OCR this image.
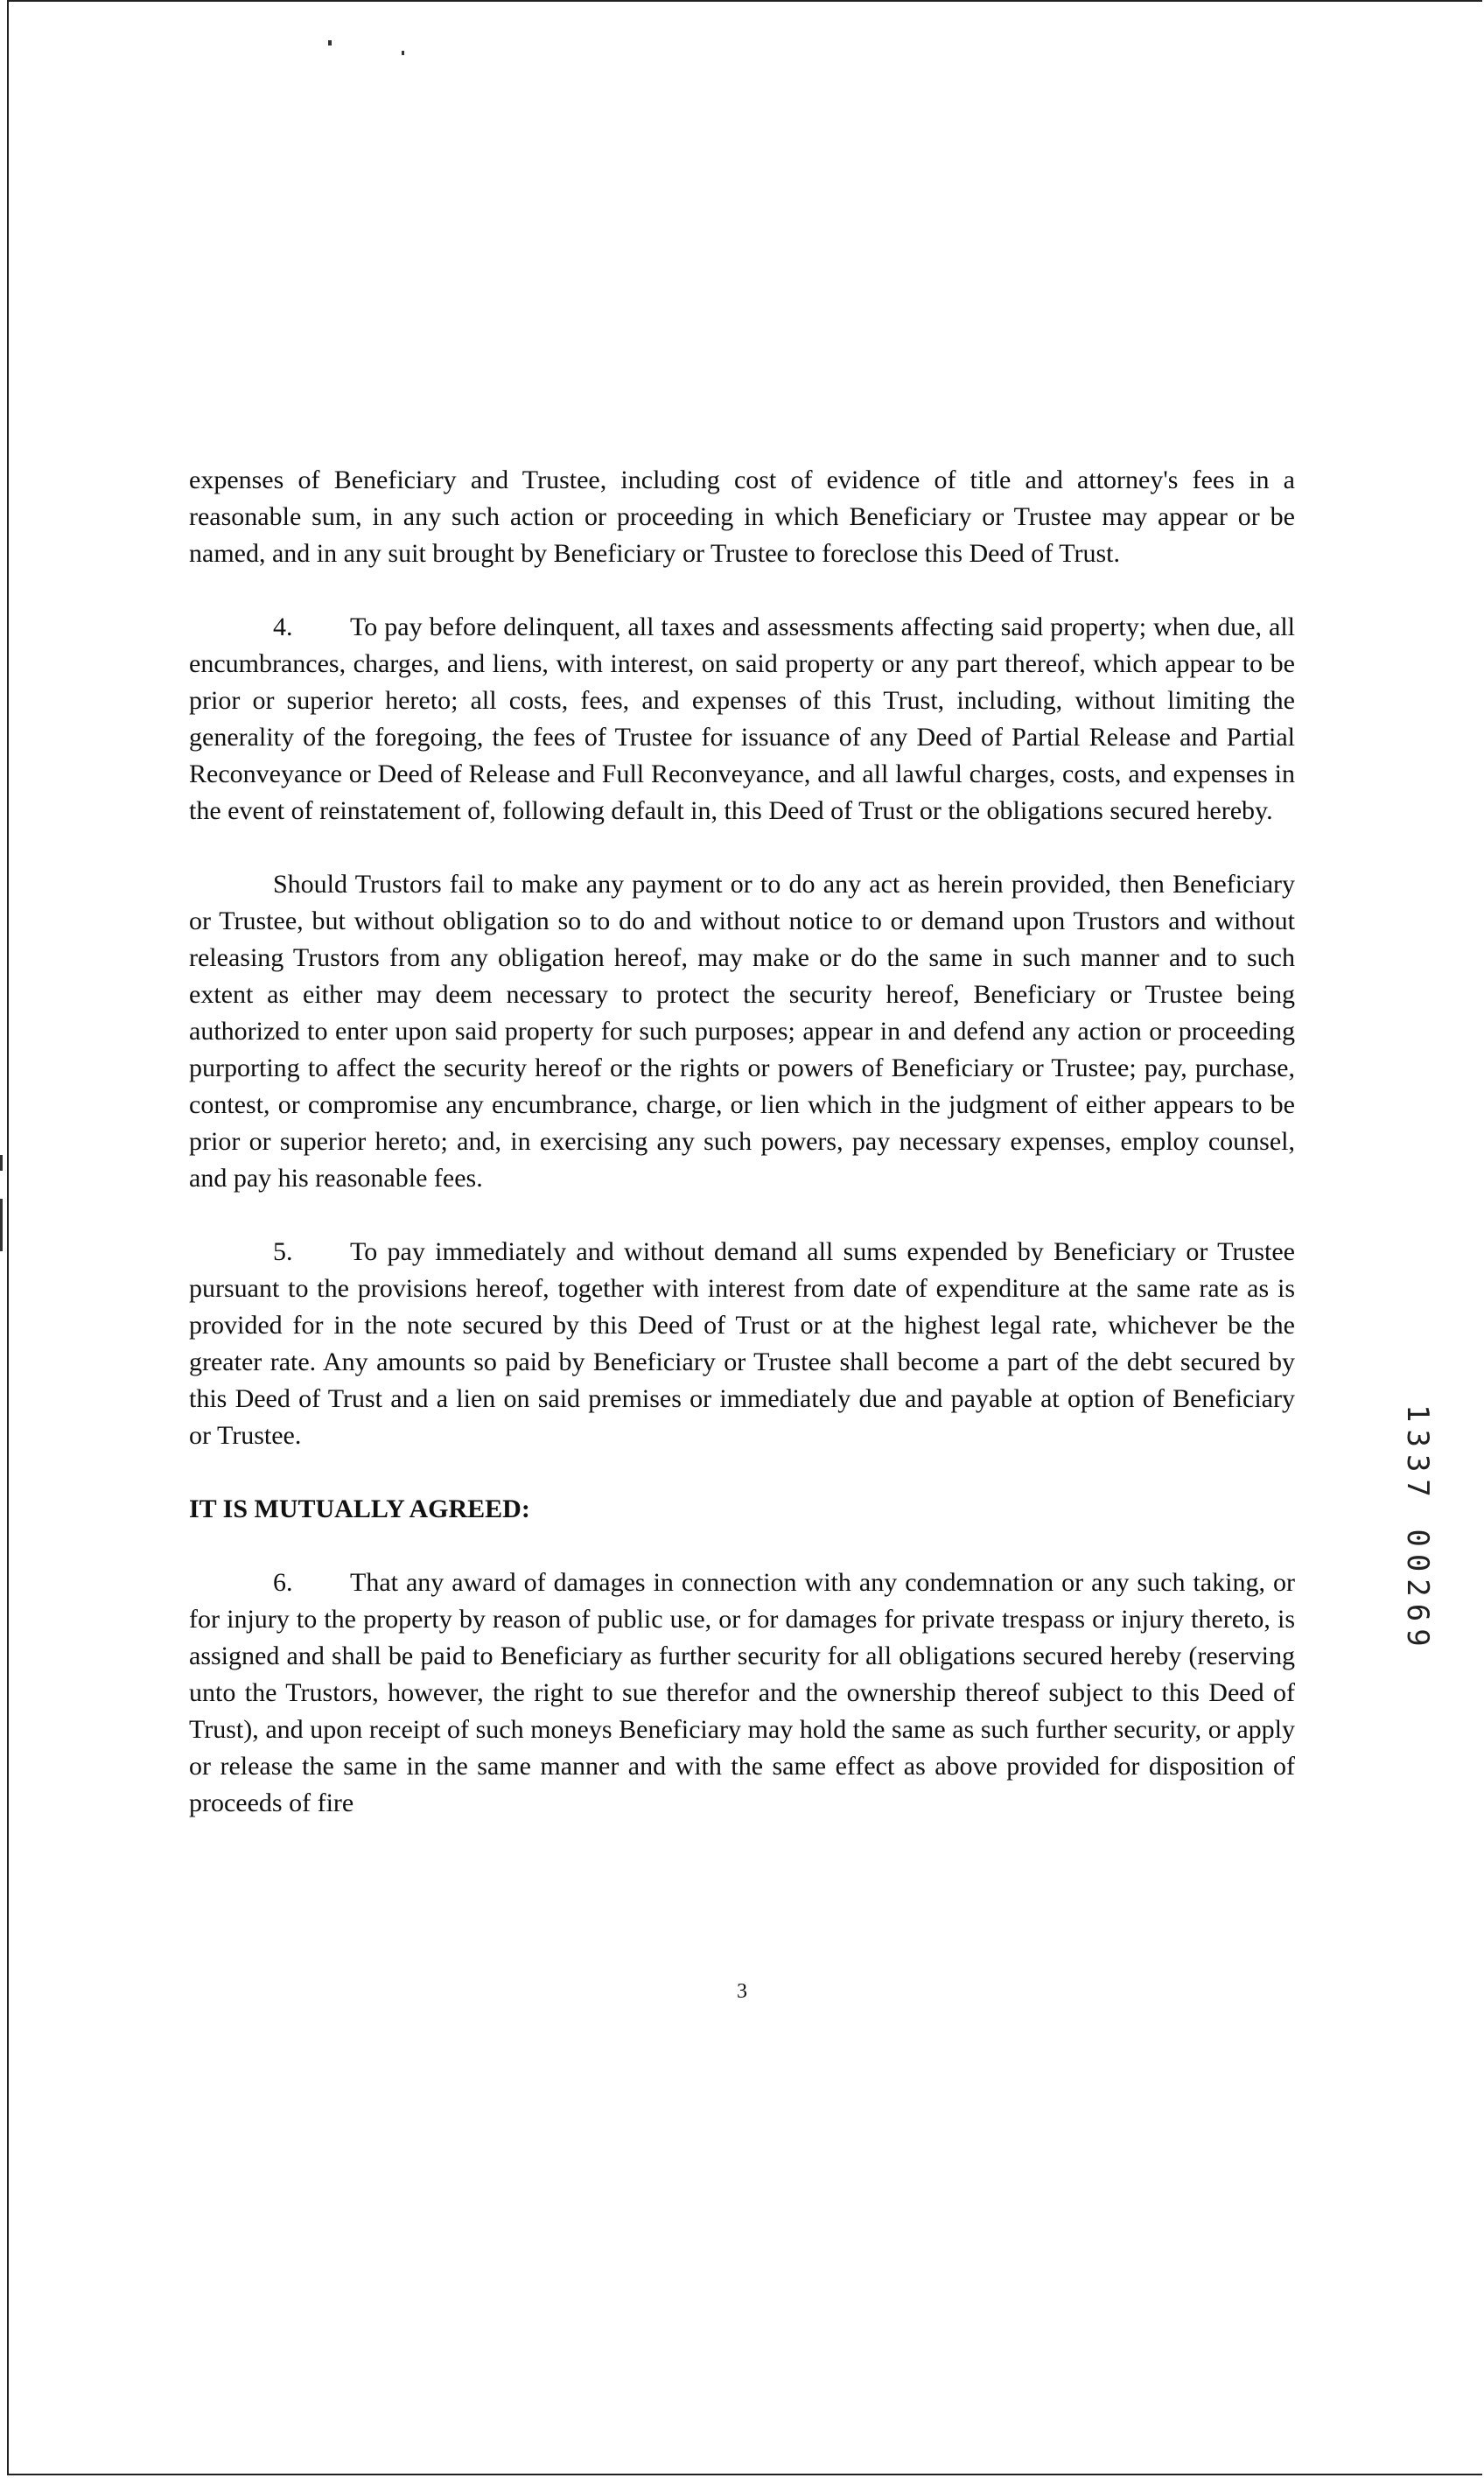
expenses of Beneficiary and Trustee, including cost of evidence of title and attorney's fees in a reasonable sum, in any such action or proceeding in which Beneficiary or Trustee may appear or be named, and in any suit brought by Beneficiary or Trustee to foreclose this Deed of Trust.

4. To pay before delinquent, all taxes and assessments affecting said property; when due, all encumbrances, charges, and liens, with interest, on said property or any part thereof, which appear to be prior or superior hereto; all costs, fees, and expenses of this Trust, including, without limiting the generality of the foregoing, the fees of Trustee for issuance of any Deed of Partial Release and Partial Reconveyance or Deed of Release and Full Reconveyance, and all lawful charges, costs, and expenses in the event of reinstatement of, following default in, this Deed of Trust or the obligations secured hereby.

Should Trustors fail to make any payment or to do any act as herein provided, then Beneficiary or Trustee, but without obligation so to do and without notice to or demand upon Trustors and without releasing Trustors from any obligation hereof, may make or do the same in such manner and to such extent as either may deem necessary to protect the security hereof, Beneficiary or Trustee being authorized to enter upon said property for such purposes; appear in and defend any action or proceeding purporting to affect the security hereof or the rights or powers of Beneficiary or Trustee; pay, purchase, contest, or compromise any encumbrance, charge, or lien which in the judgment of either appears to be prior or superior hereto; and, in exercising any such powers, pay necessary expenses, employ counsel, and pay his reasonable fees.

5. To pay immediately and without demand all sums expended by Beneficiary or Trustee pursuant to the provisions hereof, together with interest from date of expenditure at the same rate as is provided for in the note secured by this Deed of Trust or at the highest legal rate, whichever be the greater rate. Any amounts so paid by Beneficiary or Trustee shall become a part of the debt secured by this Deed of Trust and a lien on said premises or immediately due and payable at option of Beneficiary or Trustee.

IT IS MUTUALLY AGREED:

6. That any award of damages in connection with any condemnation or any such taking, or for injury to the property by reason of public use, or for damages for private trespass or injury thereto, is assigned and shall be paid to Beneficiary as further security for all obligations secured hereby (reserving unto the Trustors, however, the right to sue therefor and the ownership thereof subject to this Deed of Trust), and upon receipt of such moneys Beneficiary may hold the same as such further security, or apply or release the same in the same manner and with the same effect as above provided for disposition of proceeds of fire

3
1337 00269
